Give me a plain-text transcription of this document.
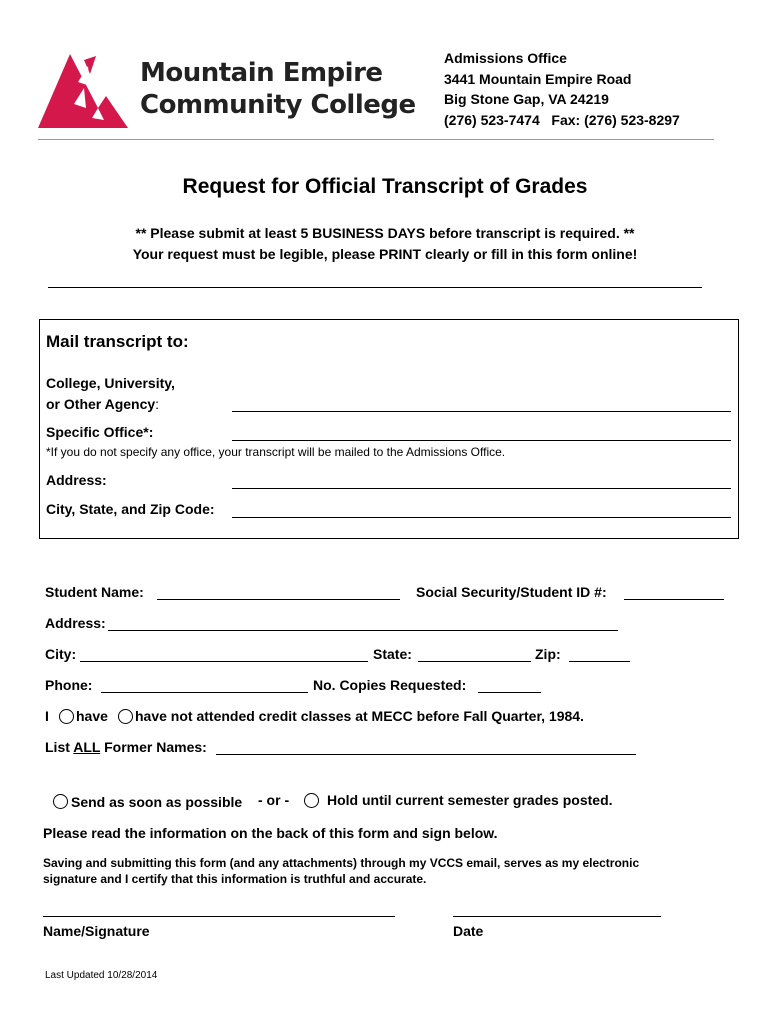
Mountain Empire
Community College
Admissions Office
3441 Mountain Empire Road
Big Stone Gap, VA 24219
(276) 523-7474   Fax: (276) 523-8297
Request for Official Transcript of Grades
** Please submit at least 5 BUSINESS DAYS before transcript is required. **
Your request must be legible, please PRINT clearly or fill in this form online!
Mail transcript to:
College, University,
or Other Agency:
Specific Office*:
*If you do not specify any office, your transcript will be mailed to the Admissions Office.
Address:
City, State, and Zip Code:
Student Name:	Social Security/Student ID #:
Address:
City:	State:	Zip:
Phone:	No. Copies Requested:
I have have not attended credit classes at MECC before Fall Quarter, 1984.
List ALL Former Names:
Send as soon as possible - or -	Hold until current semester grades posted.
Please read the information on the back of this form and sign below.
Saving and submitting this form (and any attachments) through my VCCS email, serves as my electronic
signature and I certify that this information is truthful and accurate.
Name/Signature	Date
Last Updated 10/28/2014
